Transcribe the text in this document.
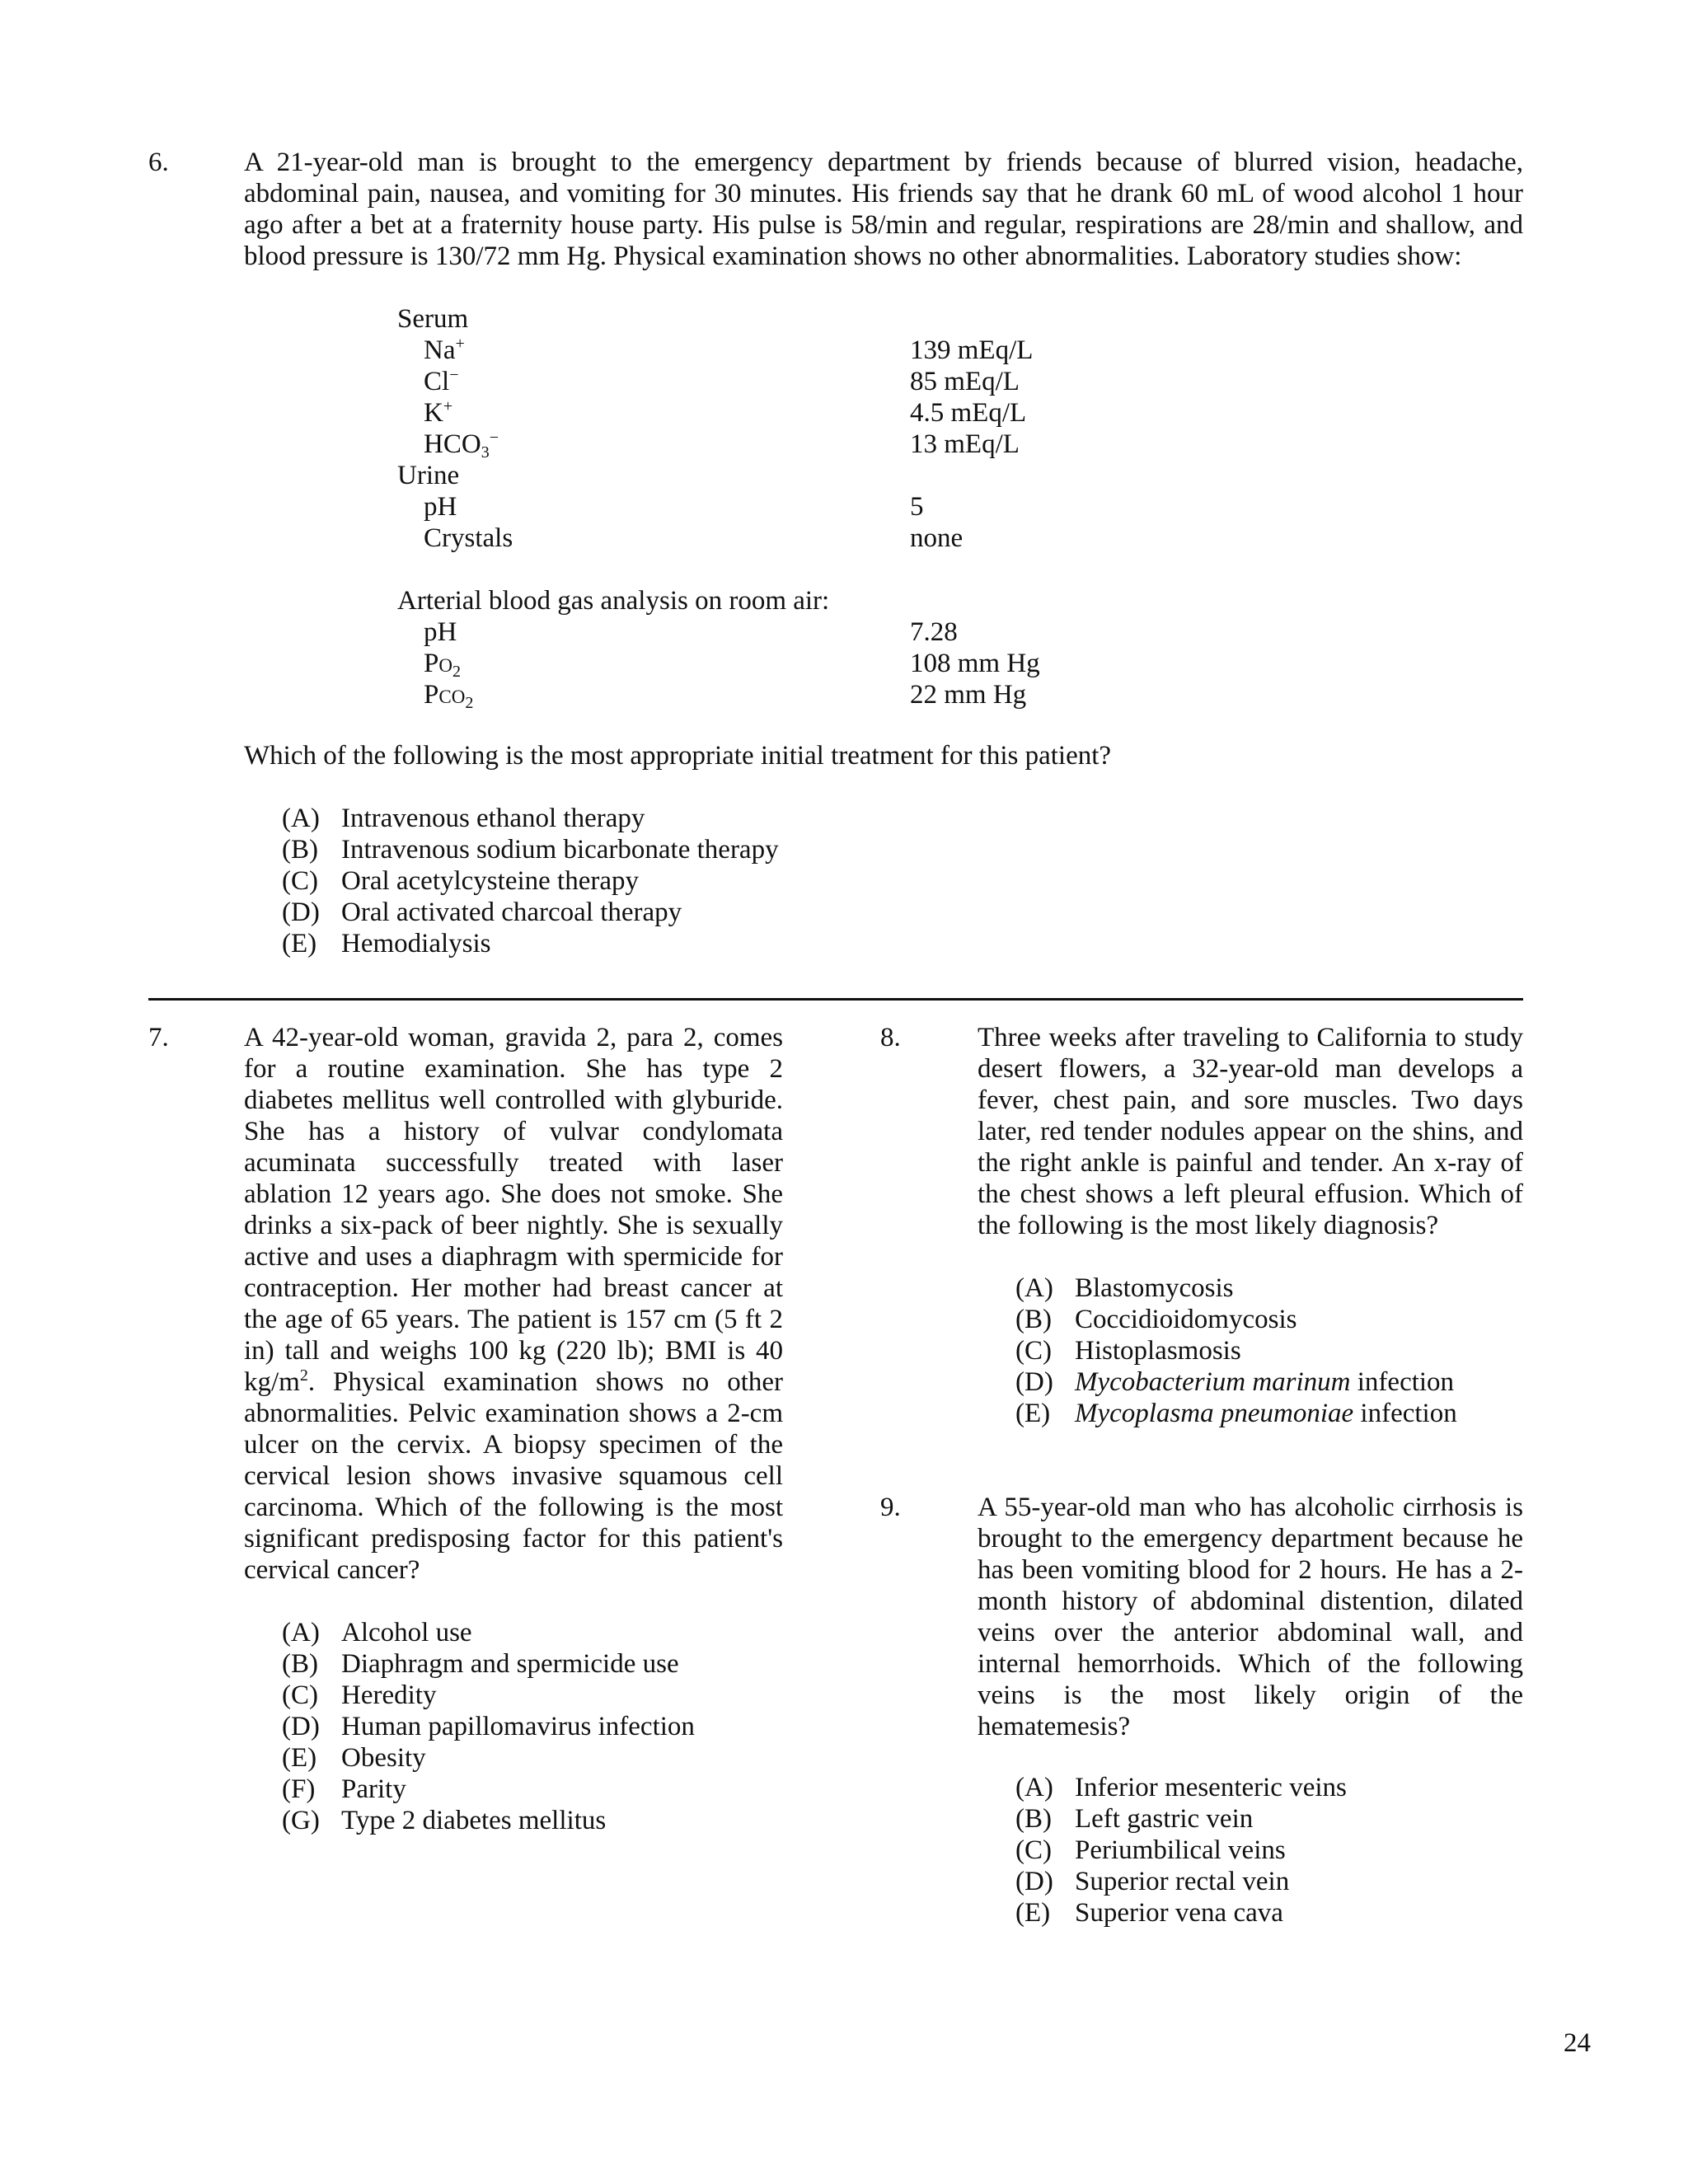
6.	A 21-year-old man is brought to the emergency department by friends because of blurred vision, headache, abdominal pain, nausea, and vomiting for 30 minutes. His friends say that he drank 60 mL of wood alcohol 1 hour ago after a bet at a fraternity house party. His pulse is 58/min and regular, respirations are 28/min and shallow, and blood pressure is 130/72 mm Hg. Physical examination shows no other abnormalities. Laboratory studies show:
Serum
Na+	139 mEq/L
Cl−	85 mEq/L
K+	4.5 mEq/L
$HCO_3^-$	13 mEq/L
Urine
pH	5
Crystals	none
Arterial blood gas analysis on room air:
pH	7.28
$Po_2$	108 mm Hg
Pco$_2$	22 mm Hg
Which of the following is the most appropriate initial treatment for this patient?
(A) Intravenous ethanol therapy
(B) Intravenous sodium bicarbonate therapy
(C) Oral acetylcysteine therapy
(D) Oral activated charcoal therapy
(E) Hemodialysis
7.	A 42-year-old woman, gravida 2, para 2, comes for a routine examination. She has type 2 diabetes mellitus well controlled with glyburide. She has a history of vulvar condylomata acuminata successfully treated with laser ablation 12 years ago. She does not smoke. She drinks a six-pack of beer nightly. She is sexually active and uses a diaphragm with spermicide for contraception. Her mother had breast cancer at the age of 65 years. The patient is 157 cm (5 ft 2 in) tall and weighs 100 kg (220 lb); BMI is 40 $kg/m^2$. Physical examination shows no other abnormalities. Pelvic examination shows a 2-cm ulcer on the cervix. A biopsy specimen of the cervical lesion shows invasive squamous cell carcinoma. Which of the following is the most significant predisposing factor for this patient's cervical cancer?
(A) Alcohol use
(B) Diaphragm and spermicide use
(C) Heredity
(D) Human papillomavirus infection
(E) Obesity
(F) Parity
(G) Type 2 diabetes mellitus
8.	Three weeks after traveling to California to study desert flowers, a 32-year-old man develops a fever, chest pain, and sore muscles. Two days later, red tender nodules appear on the shins, and the right ankle is painful and tender. An x-ray of the chest shows a left pleural effusion. Which of the following is the most likely diagnosis?
(A) Blastomycosis
(B) Coccidioidomycosis
(C) Histoplasmosis
(D) Mycobacterium marinum infection
(E) Mycoplasma pneumoniae infection
9.	A 55-year-old man who has alcoholic cirrhosis is brought to the emergency department because he has been vomiting blood for 2 hours. He has a 2-month history of abdominal distention, dilated veins over the anterior abdominal wall, and internal hemorrhoids. Which of the following veins is the most likely origin of the hematemesis?
(A) Inferior mesenteric veins
(B) Left gastric vein
(C) Periumbilical veins
(D) Superior rectal vein
(E) Superior vena cava
24
